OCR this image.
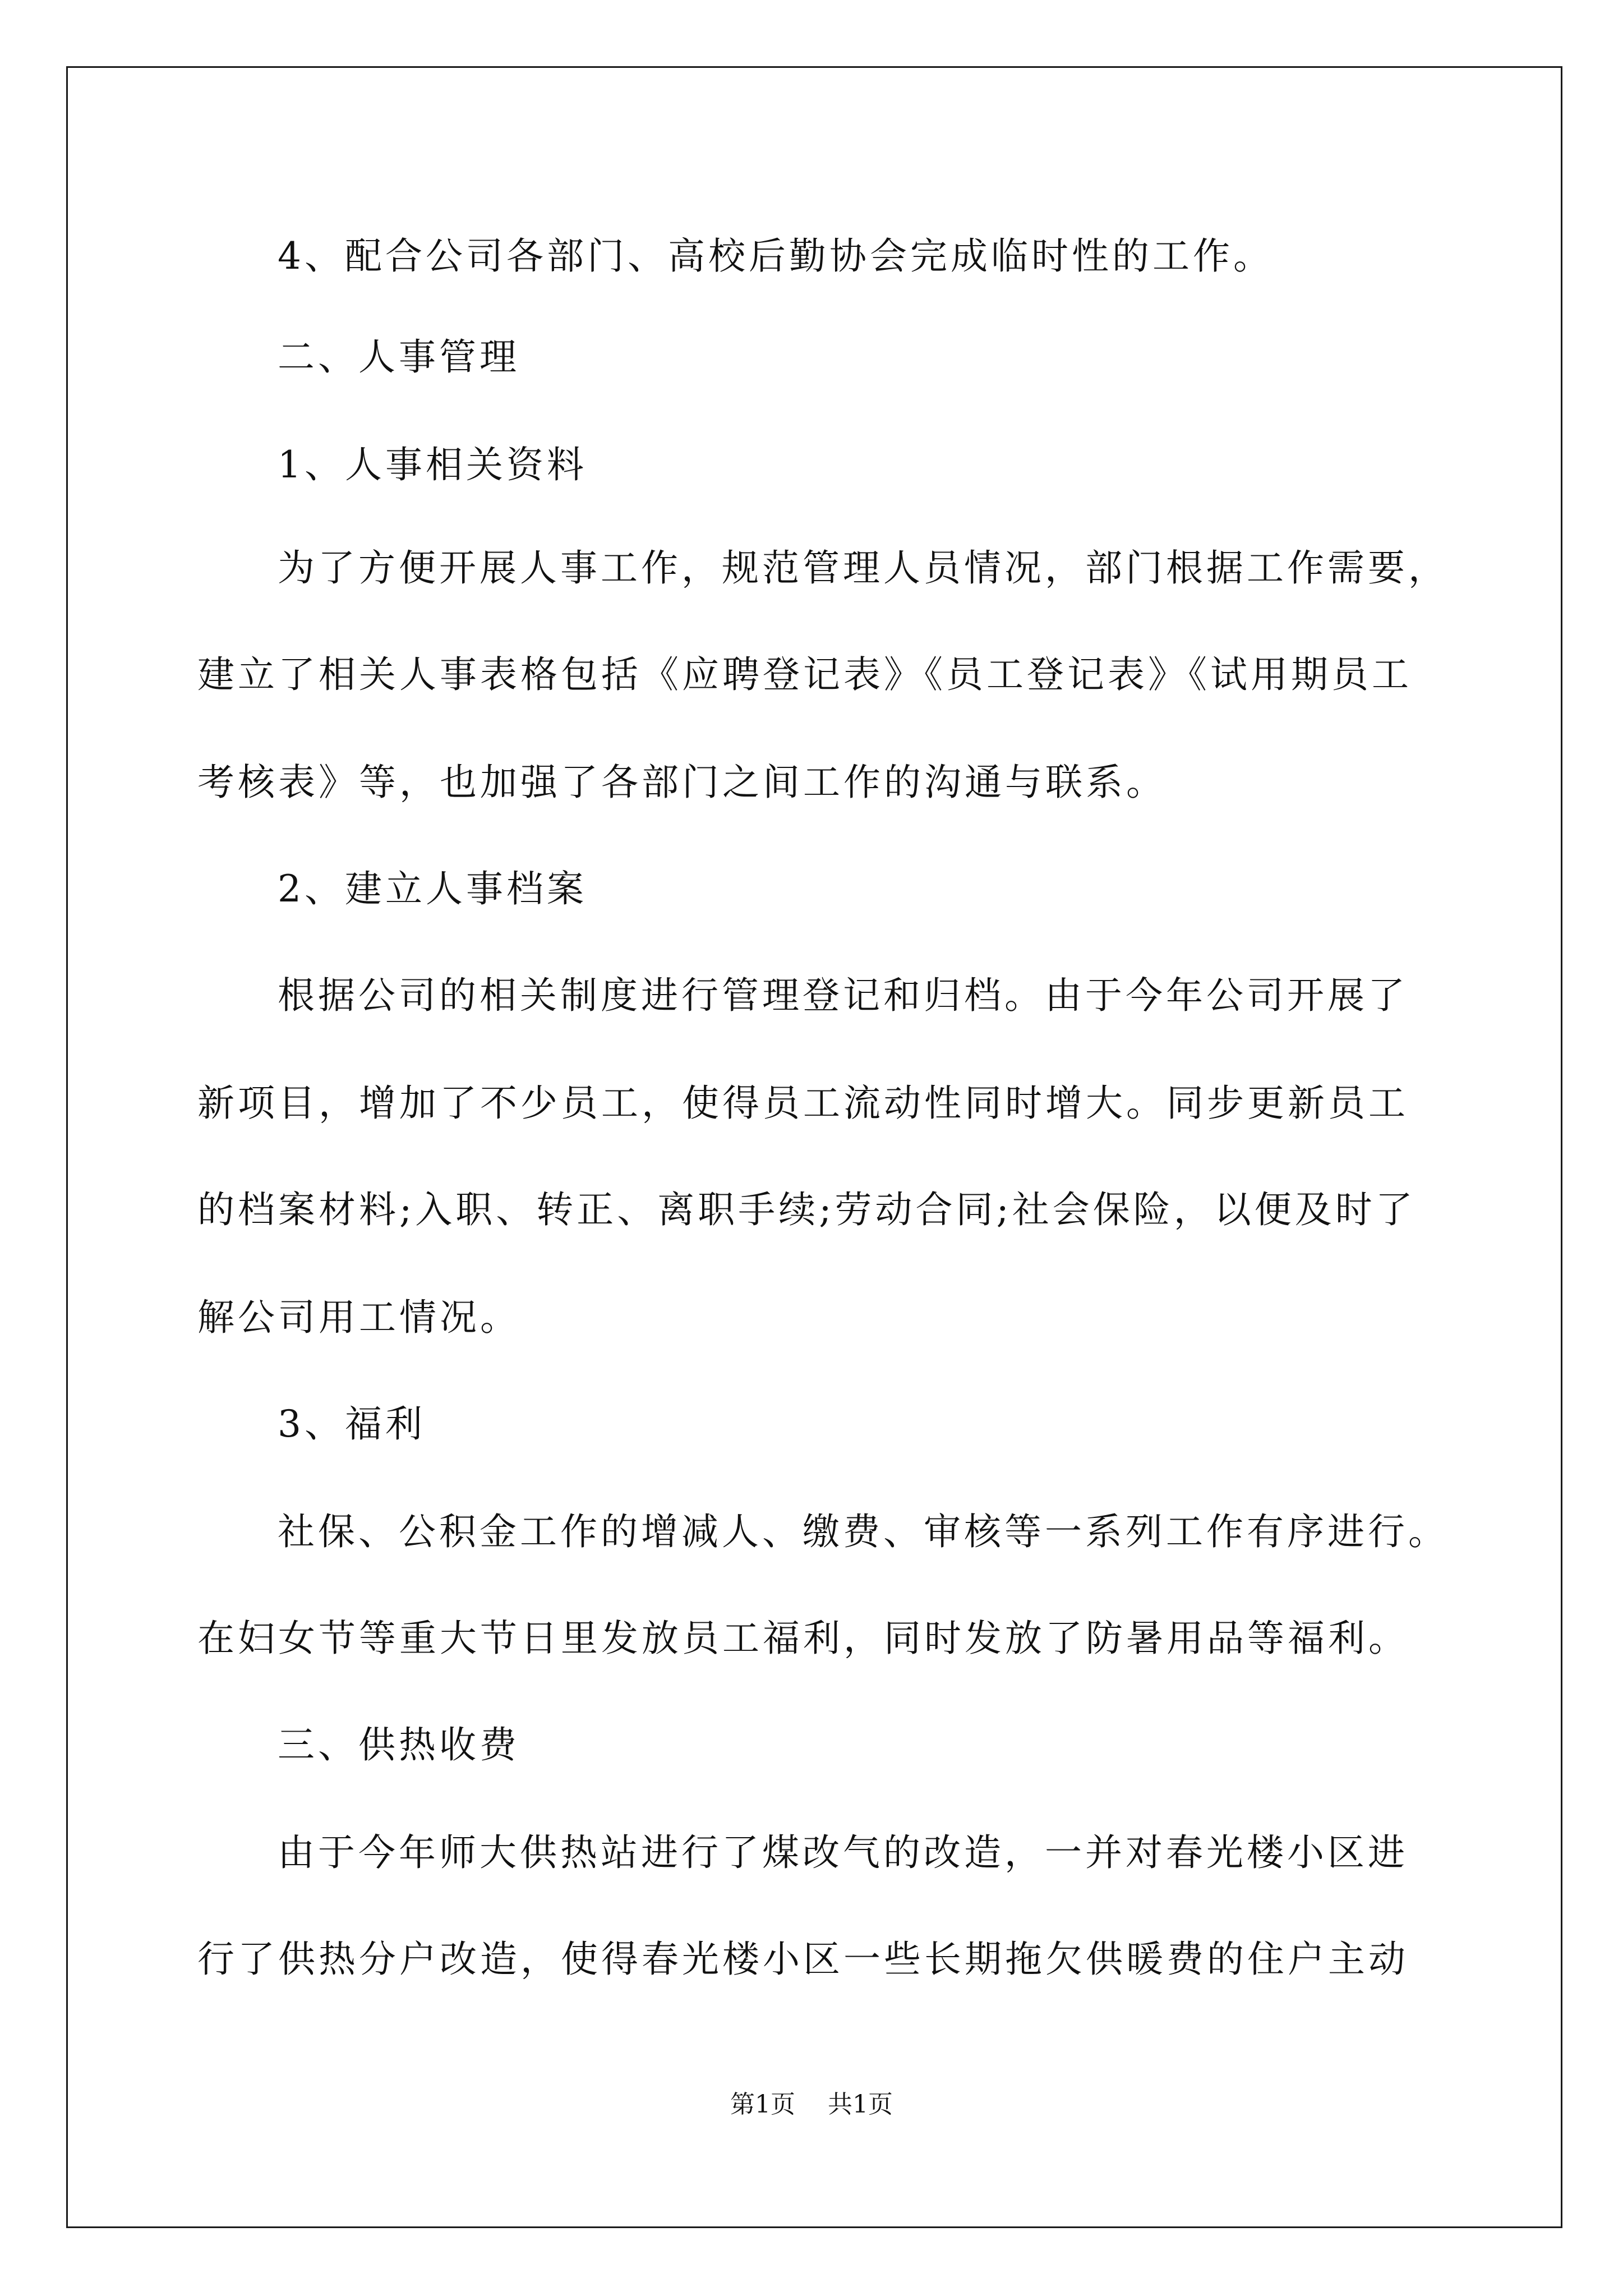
4、配合公司各部门、高校后勤协会完成临时性的工作。
二、人事管理
1、人事相关资料
为了方便开展人事工作，规范管理人员情况，部门根据工作需要，
建立了相关人事表格包括《应聘登记表》《员工登记表》《试用期员工
考核表》等，也加强了各部门之间工作的沟通与联系。
2、建立人事档案
根据公司的相关制度进行管理登记和归档。由于今年公司开展了
新项目，增加了不少员工，使得员工流动性同时增大。同步更新员工
的档案材料;入职、转正、离职手续;劳动合同;社会保险，以便及时了
解公司用工情况。
3、福利
社保、公积金工作的增减人、缴费、审核等一系列工作有序进行。
在妇女节等重大节日里发放员工福利，同时发放了防暑用品等福利。
三、供热收费
由于今年师大供热站进行了煤改气的改造，一并对春光楼小区进
行了供热分户改造，使得春光楼小区一些长期拖欠供暖费的住户主动
第1页 共1页
